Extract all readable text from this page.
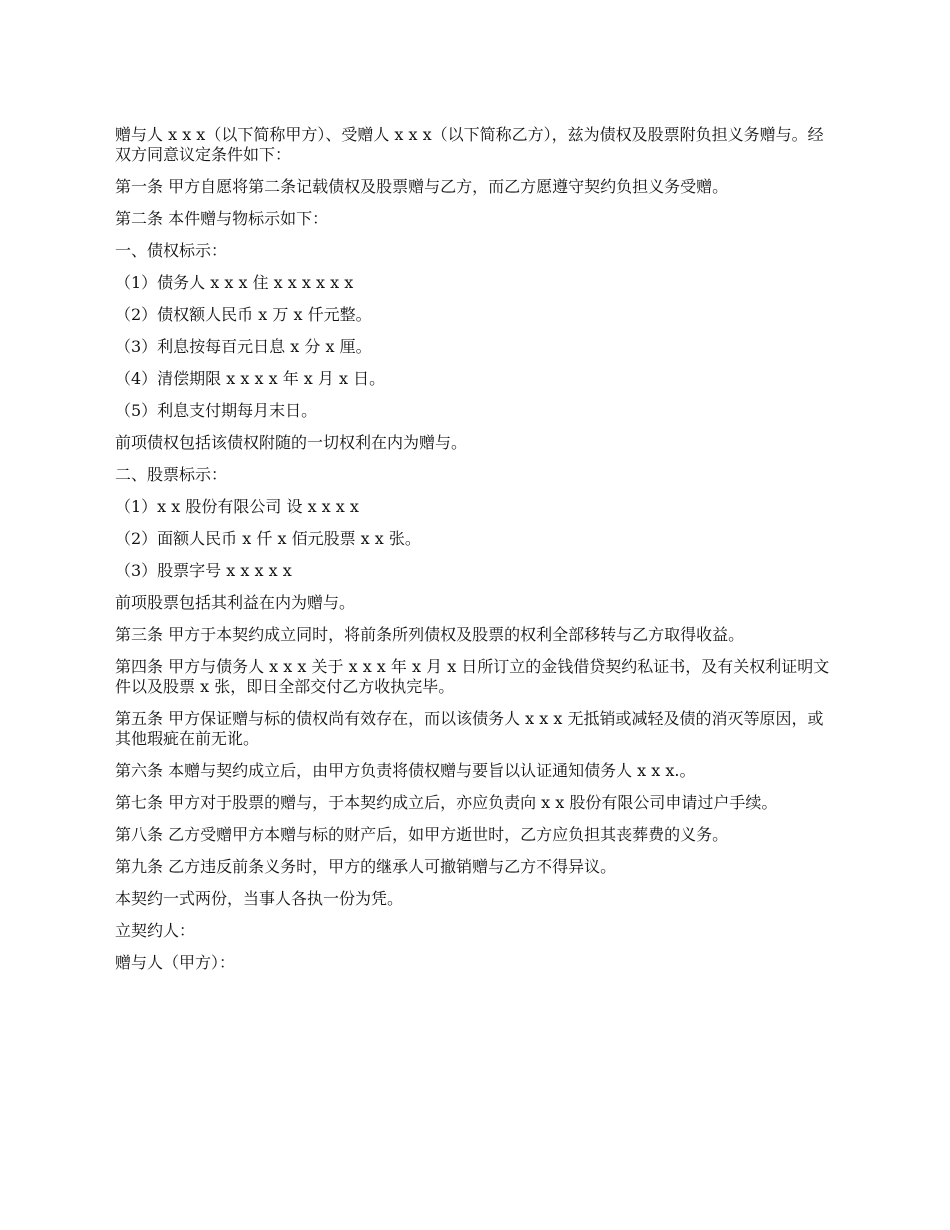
赠与人 x x x（以下简称甲方）、受赠人 x x x（以下简称乙方），兹为债权及股票附负担义务赠与。经双方同意议定条件如下：

第一条 甲方自愿将第二条记载债权及股票赠与乙方，而乙方愿遵守契约负担义务受赠。

第二条 本件赠与物标示如下：

一、债权标示：

（1）债务人 x x x 住 x x x x x x

（2）债权额人民币 x 万 x 仟元整。

（3）利息按每百元日息 x 分 x 厘。

（4）清偿期限 x x x x 年 x 月 x 日。

（5）利息支付期每月末日。

前项债权包括该债权附随的一切权利在内为赠与。

二、股票标示：

（1）x x 股份有限公司 设 x x x x

（2）面额人民币 x 仟 x 佰元股票 x x 张。

（3）股票字号 x x x x x

前项股票包括其利益在内为赠与。

第三条 甲方于本契约成立同时，将前条所列债权及股票的权利全部移转与乙方取得收益。

第四条 甲方与债务人 x x x 关于 x x x 年 x 月 x 日所订立的金钱借贷契约私证书，及有关权利证明文件以及股票 x 张，即日全部交付乙方收执完毕。

第五条 甲方保证赠与标的债权尚有效存在，而以该债务人 x x x 无抵销或减轻及债的消灭等原因，或其他瑕疵在前无讹。

第六条 本赠与契约成立后，由甲方负责将债权赠与要旨以认证通知债务人 x x x.。

第七条 甲方对于股票的赠与，于本契约成立后，亦应负责向 x x 股份有限公司申请过户手续。

第八条 乙方受赠甲方本赠与标的财产后，如甲方逝世时，乙方应负担其丧葬费的义务。

第九条 乙方违反前条义务时，甲方的继承人可撤销赠与乙方不得异议。

本契约一式两份，当事人各执一份为凭。

立契约人：

赠与人（甲方）：
